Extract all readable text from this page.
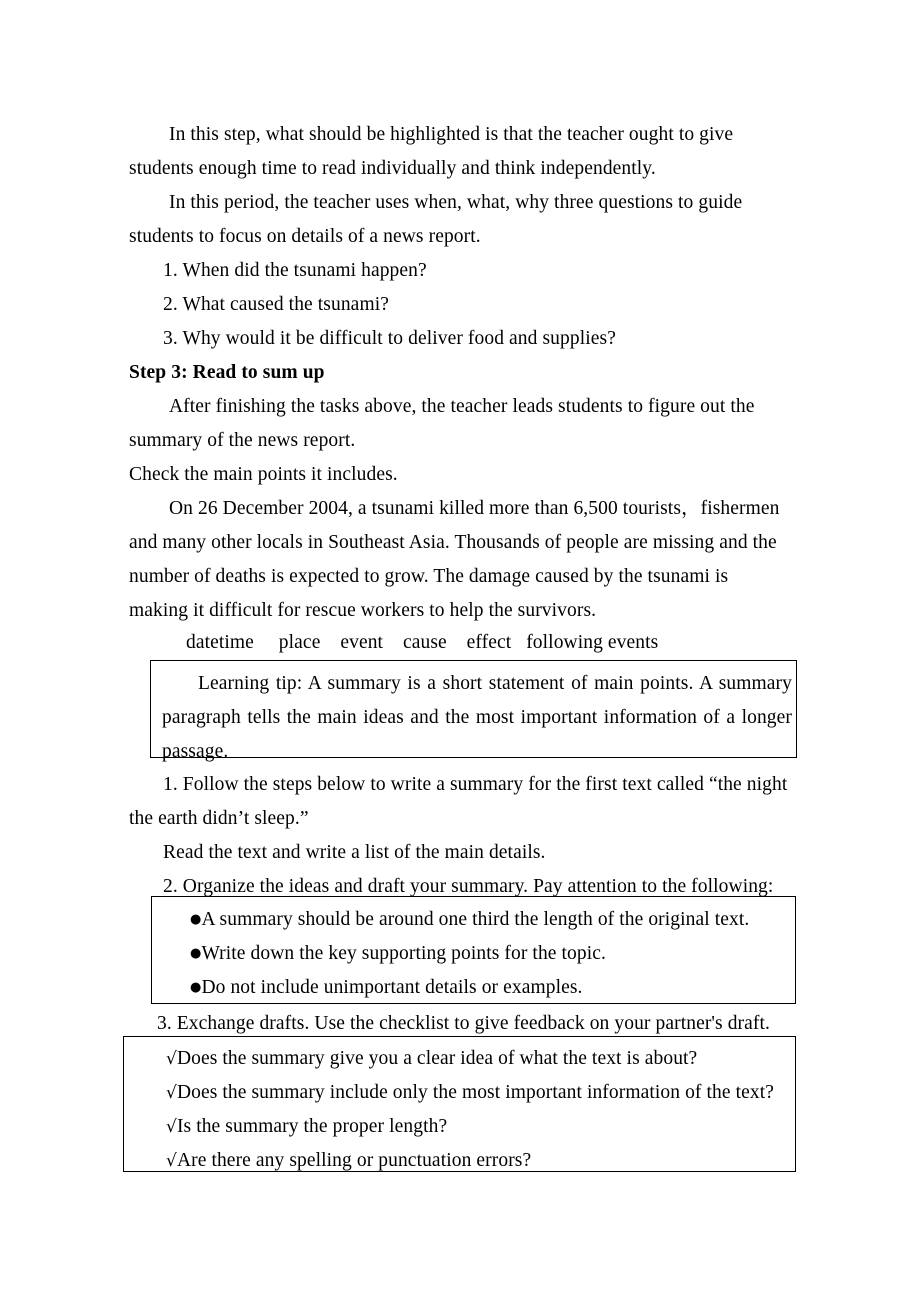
In this step, what should be highlighted is that the teacher ought to give students enough time to read individually and think independently.

In this period, the teacher uses when, what, why three questions to guide students to focus on details of a news report.

1. When did the tsunami happen?

2. What caused the tsunami?

3. Why would it be difficult to deliver food and supplies?

Step 3: Read to sum up

After finishing the tasks above, the teacher leads students to figure out the summary of the news report.

Check the main points it includes.

On 26 December 2004, a tsunami killed more than 6,500 tourists，fishermen and many other locals in Southeast Asia. Thousands of people are missing and the number of deaths is expected to grow. The damage caused by the tsunami is making it difficult for rescue workers to help the survivors.

datetime     place    event    cause    effect   following events

Learning tip: A summary is a short statement of main points. A summary paragraph tells the main ideas and the most important information of a longer passage.

1. Follow the steps below to write a summary for the first text called “the night the earth didn’t sleep.”

Read the text and write a list of the main details.

2. Organize the ideas and draft your summary. Pay attention to the following:

●A summary should be around one third the length of the original text.

●Write down the key supporting points for the topic.

●Do not include unimportant details or examples.

3. Exchange drafts. Use the checklist to give feedback on your partner's draft.

√Does the summary give you a clear idea of what the text is about?

√Does the summary include only the most important information of the text?

√Is the summary the proper length?

√Are there any spelling or punctuation errors?
